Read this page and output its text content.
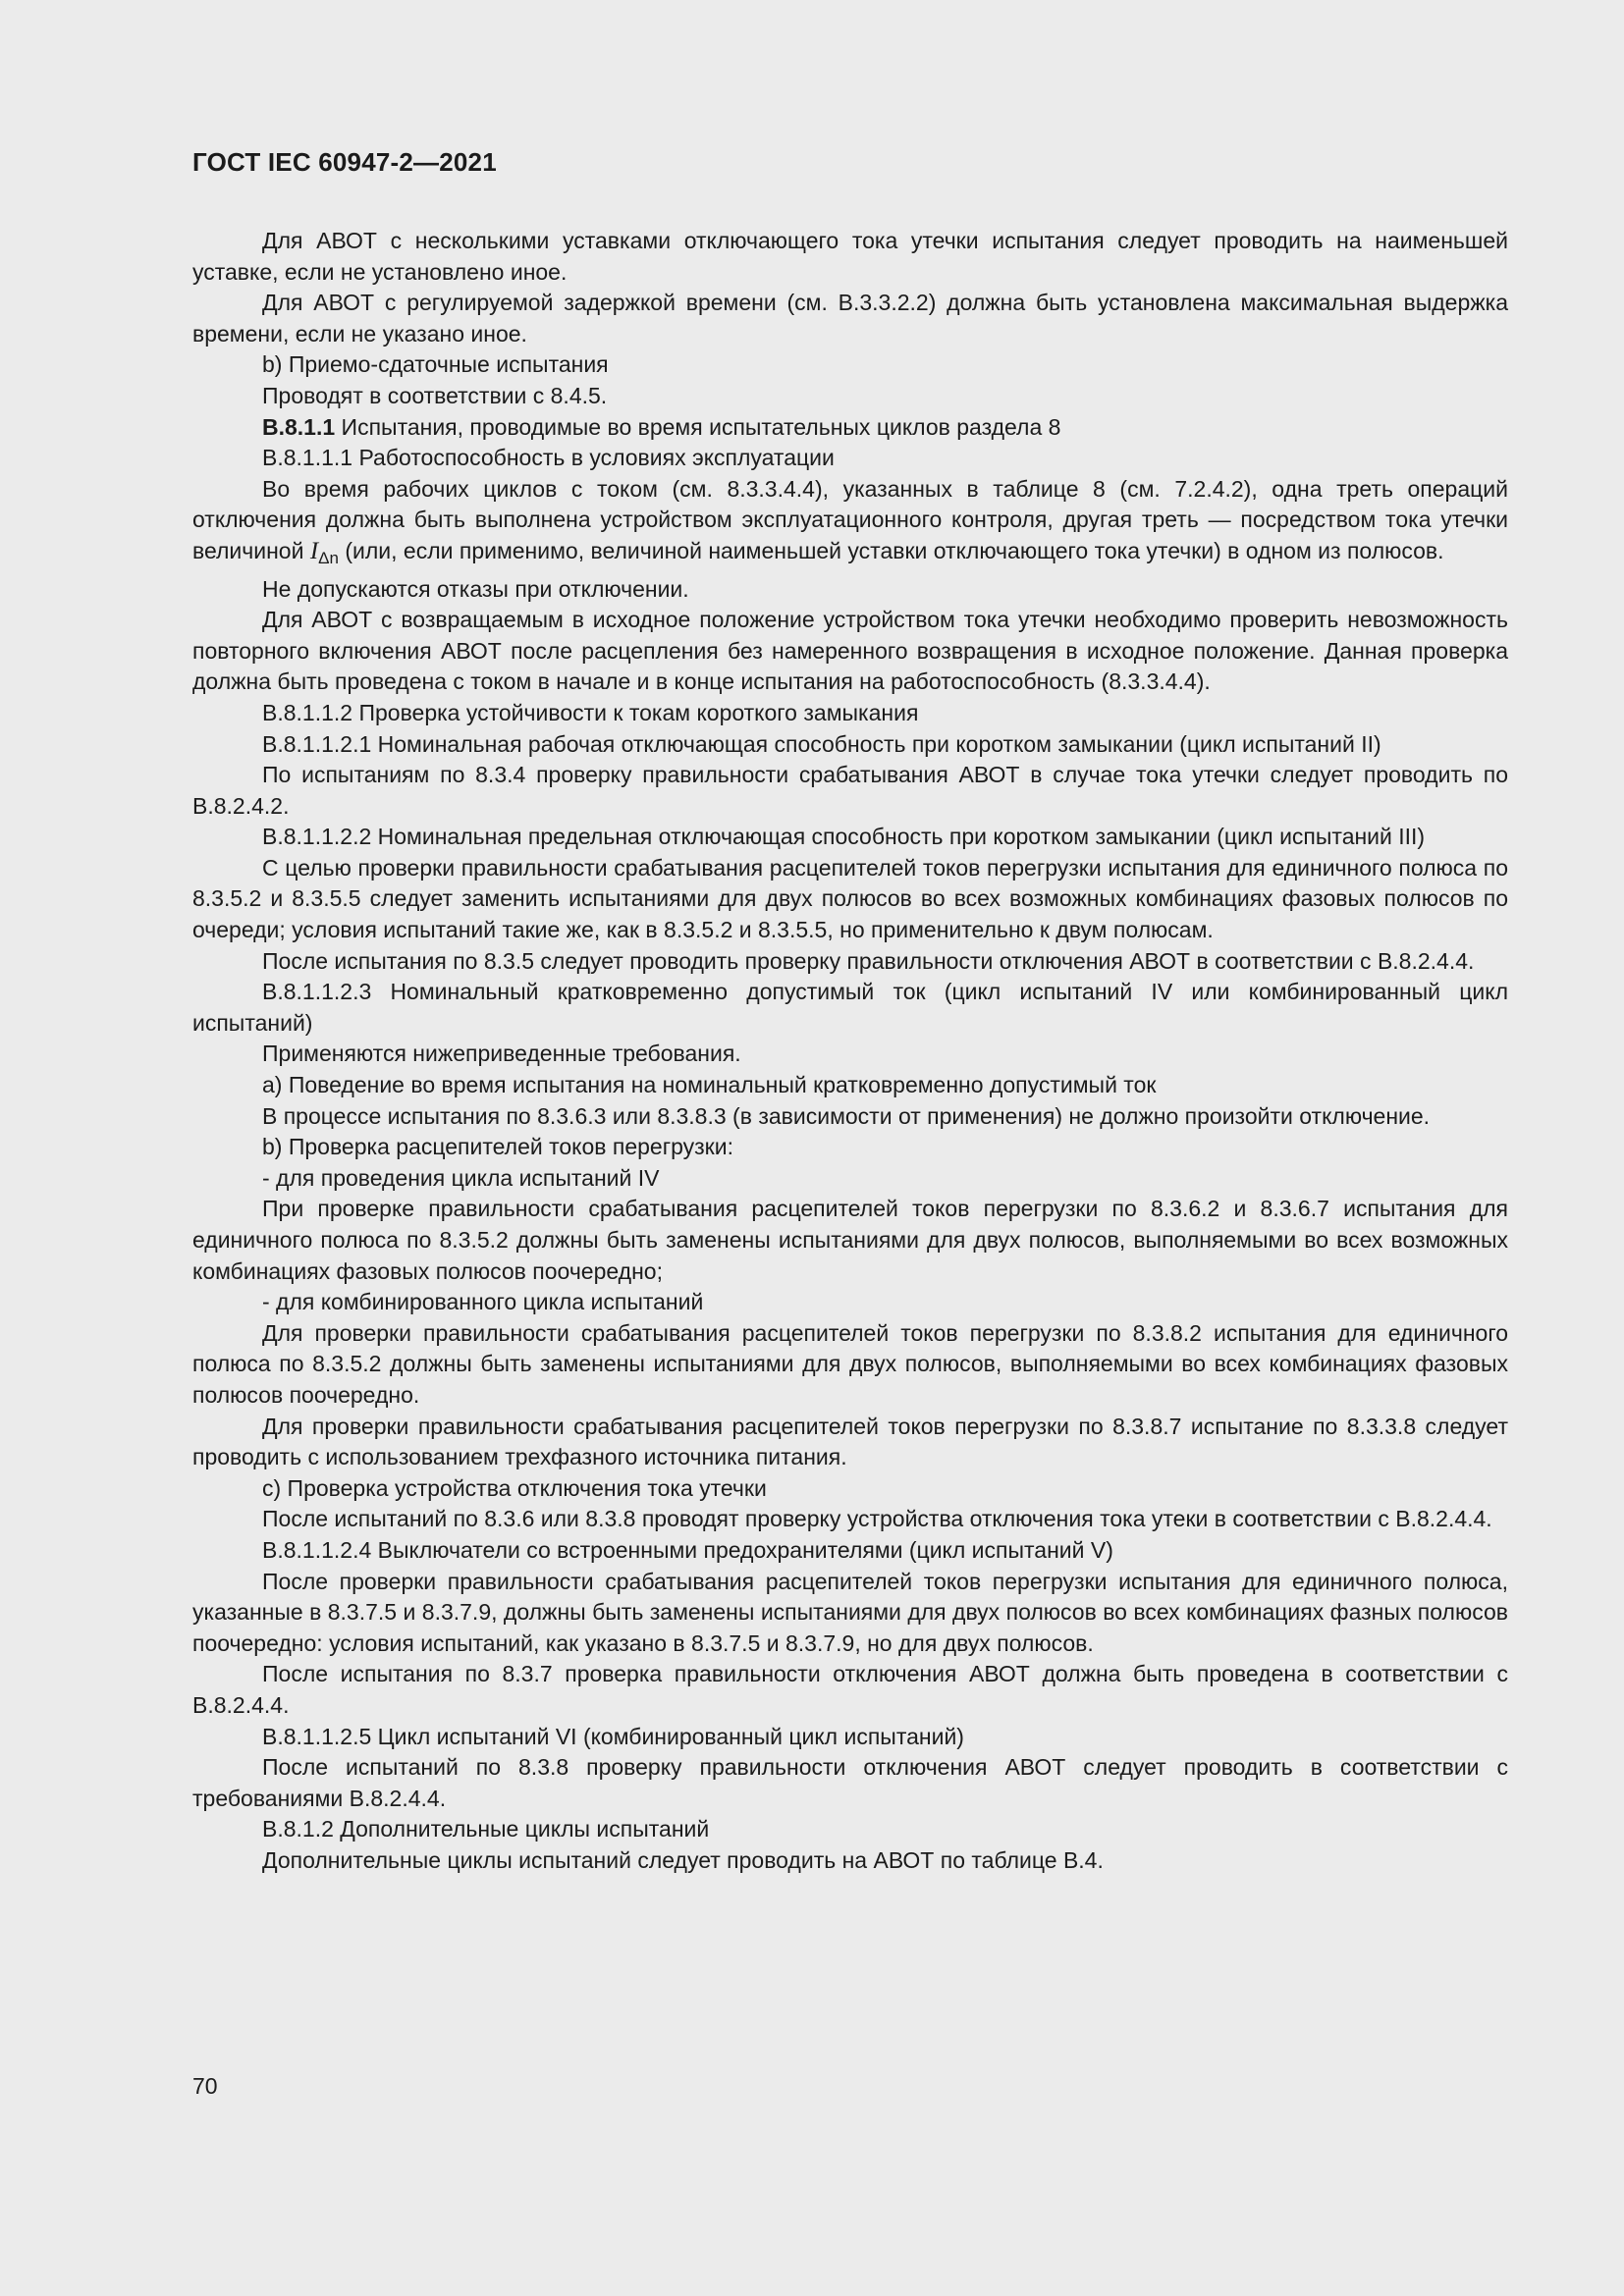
ГОСТ IEC 60947-2—2021

Для АВОТ с несколькими уставками отключающего тока утечки испытания следует проводить на наименьшей уставке, если не установлено иное.

Для АВОТ с регулируемой задержкой времени (см. В.3.3.2.2) должна быть установлена максимальная выдержка времени, если не указано иное.

b) Приемо-сдаточные испытания

Проводят в соответствии с 8.4.5.

В.8.1.1 Испытания, проводимые во время испытательных циклов раздела 8

В.8.1.1.1 Работоспособность в условиях эксплуатации

Во время рабочих циклов с током (см. 8.3.3.4.4), указанных в таблице 8 (см. 7.2.4.2), одна треть операций отключения должна быть выполнена устройством эксплуатационного контроля, другая треть — посредством тока утечки величиной $I_{\Delta n}$ (или, если применимо, величиной наименьшей уставки отключающего тока утечки) в одном из полюсов.

Не допускаются отказы при отключении.

Для АВОТ с возвращаемым в исходное положение устройством тока утечки необходимо проверить невозможность повторного включения АВОТ после расцепления без намеренного возвращения в исходное положение. Данная проверка должна быть проведена с током в начале и в конце испытания на работоспособность (8.3.3.4.4).

В.8.1.1.2 Проверка устойчивости к токам короткого замыкания

В.8.1.1.2.1 Номинальная рабочая отключающая способность при коротком замыкании (цикл испытаний II)

По испытаниям по 8.3.4 проверку правильности срабатывания АВОТ в случае тока утечки следует проводить по В.8.2.4.2.

В.8.1.1.2.2 Номинальная предельная отключающая способность при коротком замыкании (цикл испытаний III)

С целью проверки правильности срабатывания расцепителей токов перегрузки испытания для единичного полюса по 8.3.5.2 и 8.3.5.5 следует заменить испытаниями для двух полюсов во всех возможных комбинациях фазовых полюсов по очереди; условия испытаний такие же, как в 8.3.5.2 и 8.3.5.5, но применительно к двум полюсам.

После испытания по 8.3.5 следует проводить проверку правильности отключения АВОТ в соответствии с В.8.2.4.4.

В.8.1.1.2.3 Номинальный кратковременно допустимый ток (цикл испытаний IV или комбинированный цикл испытаний)

Применяются нижеприведенные требования.

a) Поведение во время испытания на номинальный кратковременно допустимый ток

В процессе испытания по 8.3.6.3 или 8.3.8.3 (в зависимости от применения) не должно произойти отключение.

b) Проверка расцепителей токов перегрузки:

- для проведения цикла испытаний IV

При проверке правильности срабатывания расцепителей токов перегрузки по 8.3.6.2 и 8.3.6.7 испытания для единичного полюса по 8.3.5.2 должны быть заменены испытаниями для двух полюсов, выполняемыми во всех возможных комбинациях фазовых полюсов поочередно;

- для комбинированного цикла испытаний

Для проверки правильности срабатывания расцепителей токов перегрузки по 8.3.8.2 испытания для единичного полюса по 8.3.5.2 должны быть заменены испытаниями для двух полюсов, выполняемыми во всех комбинациях фазовых полюсов поочередно.

Для проверки правильности срабатывания расцепителей токов перегрузки по 8.3.8.7 испытание по 8.3.3.8 следует проводить с использованием трехфазного источника питания.

c) Проверка устройства отключения тока утечки

После испытаний по 8.3.6 или 8.3.8 проводят проверку устройства отключения тока утеки в соответствии с В.8.2.4.4.

В.8.1.1.2.4 Выключатели со встроенными предохранителями (цикл испытаний V)

После проверки правильности срабатывания расцепителей токов перегрузки испытания для единичного полюса, указанные в 8.3.7.5 и 8.3.7.9, должны быть заменены испытаниями для двух полюсов во всех комбинациях фазных полюсов поочередно: условия испытаний, как указано в 8.3.7.5 и 8.3.7.9, но для двух полюсов.

После испытания по 8.3.7 проверка правильности отключения АВОТ должна быть проведена в соответствии с В.8.2.4.4.

В.8.1.1.2.5 Цикл испытаний VI (комбинированный цикл испытаний)

После испытаний по 8.3.8 проверку правильности отключения АВОТ следует проводить в соответствии с требованиями В.8.2.4.4.

В.8.1.2 Дополнительные циклы испытаний

Дополнительные циклы испытаний следует проводить на АВОТ по таблице В.4.

70
